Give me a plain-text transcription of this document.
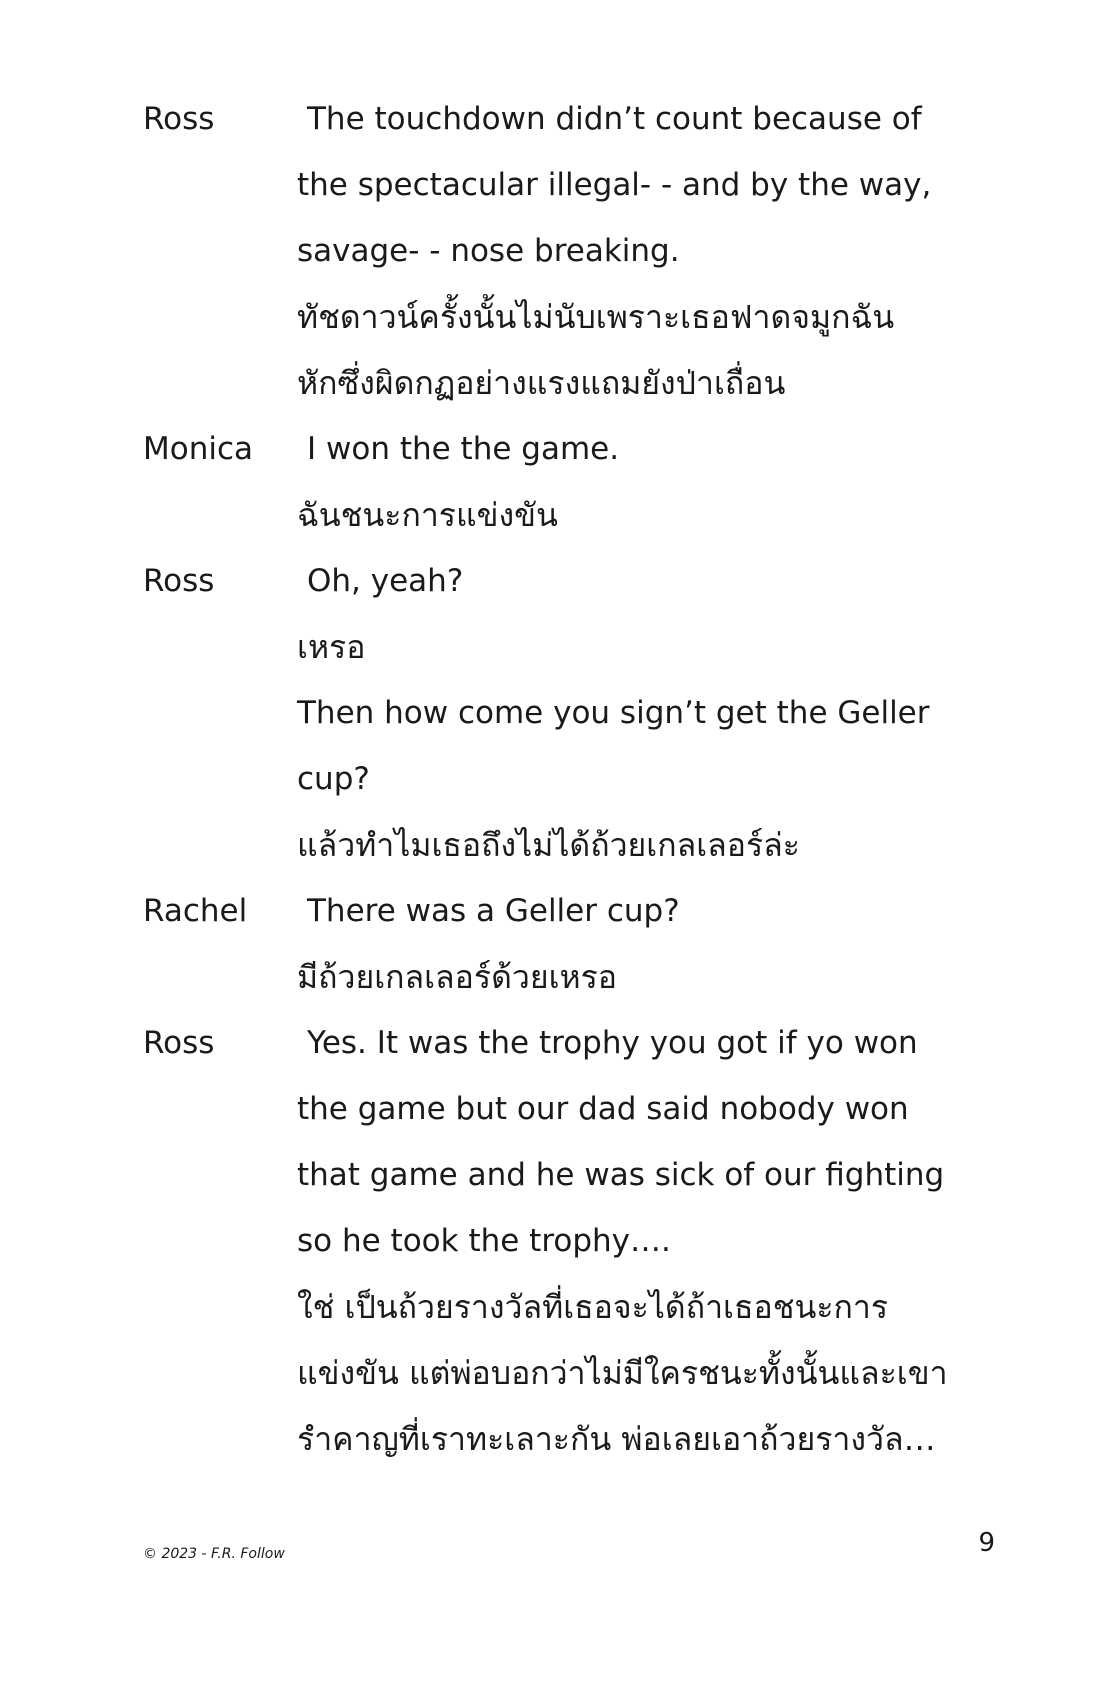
Ross	The touchdown didn’t count because of
the spectacular illegal- - and by the way,
savage- - nose breaking.
ทัชดาวน์ครั้งนั้นไม่นับเพราะเธอฟาดจมูกฉัน
หักซึ่งผิดกฏอย่างแรงแถมยังป่าเถื่อน
Monica	I won the the game.
ฉันชนะการแข่งขัน
Ross	Oh, yeah?
เหรอ
Then how come you sign’t get the Geller
cup?
แล้วทำไมเธอถึงไม่ได้ถ้วยเกลเลอร์ล่ะ
Rachel	There was a Geller cup?
มีถ้วยเกลเลอร์ด้วยเหรอ
Ross	Yes. It was the trophy you got if yo won
the game but our dad said nobody won
that game and he was sick of our fighting
so he took the trophy….
ใช่ เป็นถ้วยรางวัลที่เธอจะได้ถ้าเธอชนะการ
แข่งขัน แต่พ่อบอกว่าไม่มีใครชนะทั้งนั้นและเขา
รำคาญที่เราทะเลาะกัน พ่อเลยเอาถ้วยรางวัล…
© 2023 - F.R. Follow	9
